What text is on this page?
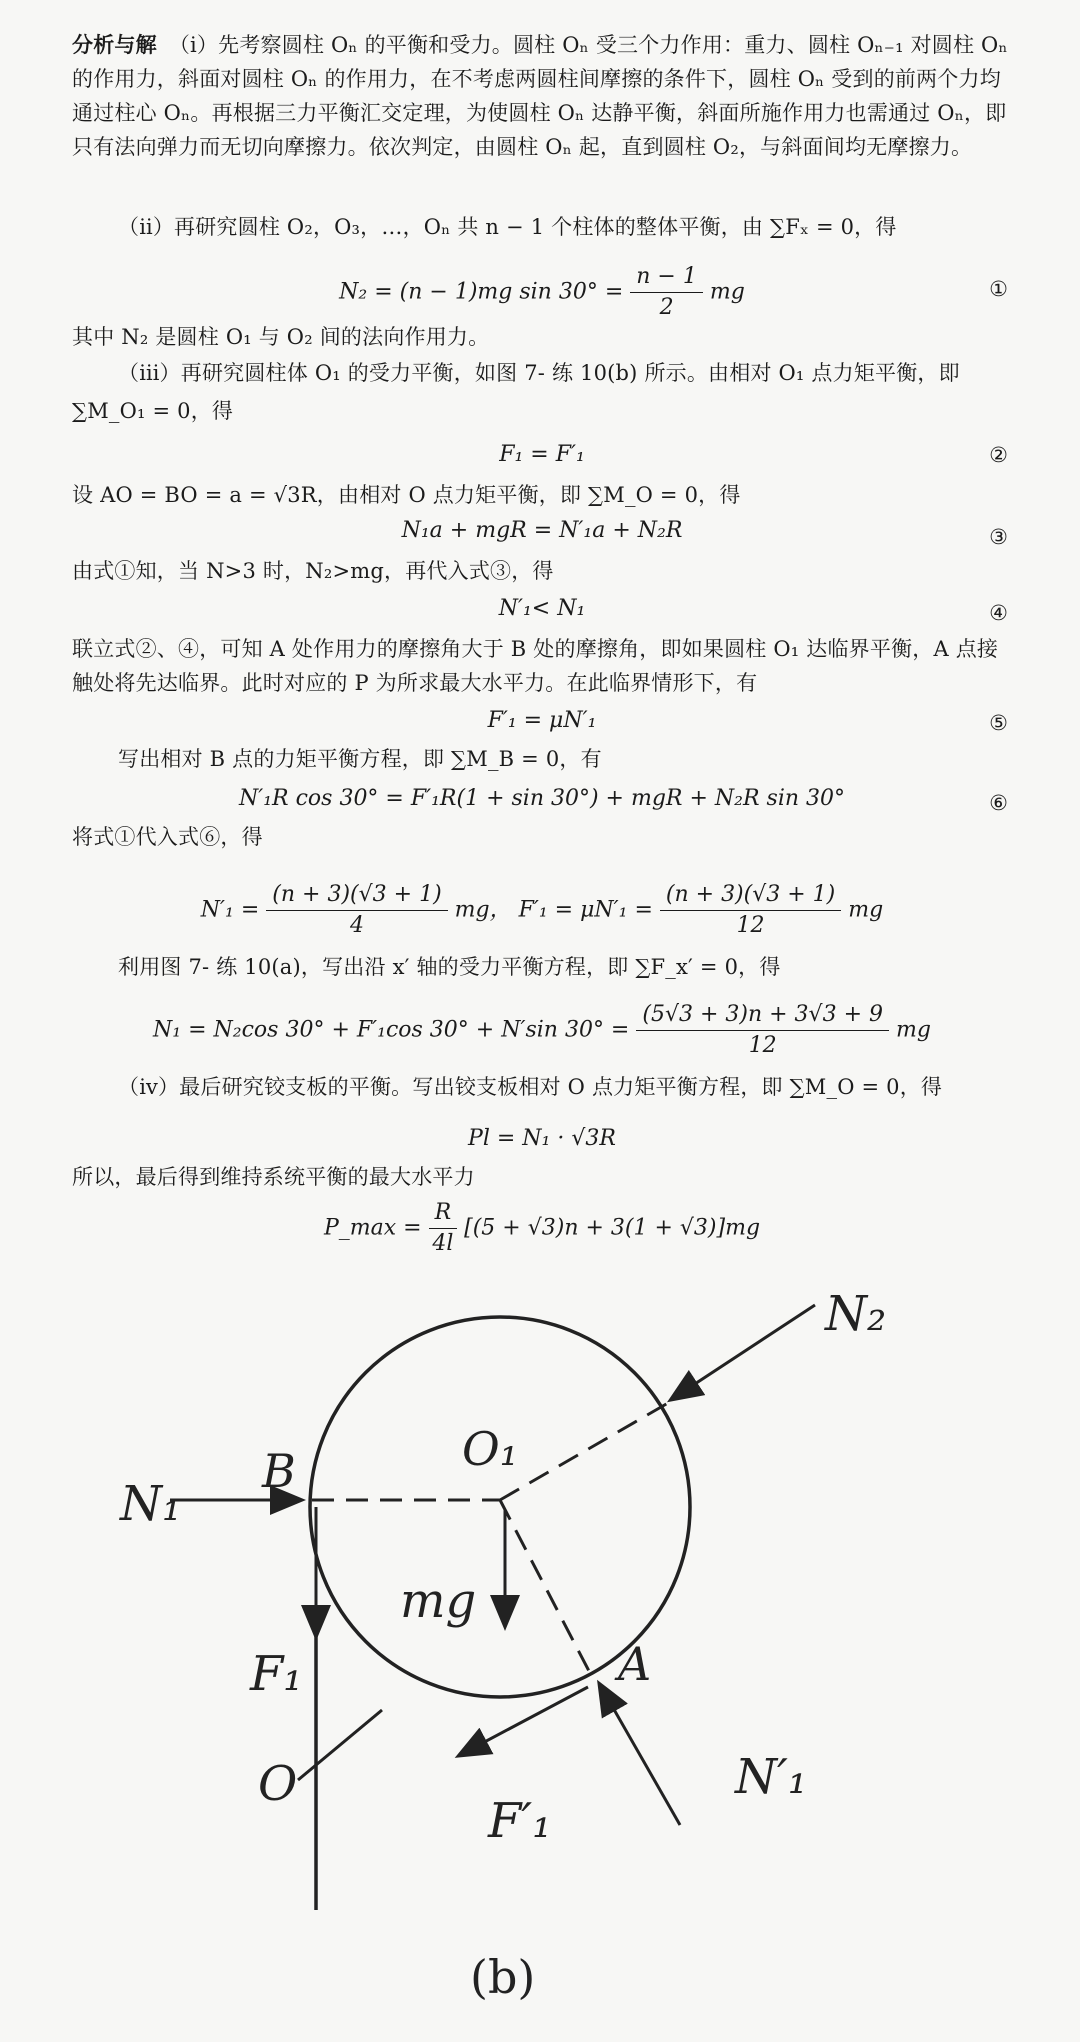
分析与解 （ⅰ）先考察圆柱 Oₙ 的平衡和受力。圆柱 Oₙ 受三个力作用：重力、圆柱 Oₙ₋₁ 对圆柱 Oₙ 的作用力，斜面对圆柱 Oₙ 的作用力，在不考虑两圆柱间摩擦的条件下，圆柱 Oₙ 受到的前两个力均通过柱心 Oₙ。再根据三力平衡汇交定理，为使圆柱 Oₙ 达静平衡，斜面所施作用力也需通过 Oₙ，即只有法向弹力而无切向摩擦力。依次判定，由圆柱 Oₙ 起，直到圆柱 O₂，与斜面间均无摩擦力。
（ⅱ）再研究圆柱 O₂，O₃，…，Oₙ 共 n − 1 个柱体的整体平衡，由 ∑Fₓ = 0，得
N₂ = (n − 1)mg $\sin 30^\circ = \frac{n - 1}{2}$ mg	①
其中 N₂ 是圆柱 O₁ 与 O₂ 间的法向作用力。
（ⅲ）再研究圆柱体 O₁ 的受力平衡，如图 7- 练 10(b) 所示。由相对 O₁ 点力矩平衡，即
∑M_O₁ = 0，得
F₁ = F′₁	②
设 AO = BO = a = √3R，由相对 O 点力矩平衡，即 ∑M_O = 0，得
N₁a + mgR = N′₁a + N₂R	③
由式①知，当 N>3 时，N₂>mg，再代入式③，得
N′₁< N₁	④
联立式②、④，可知 A 处作用力的摩擦角大于 B 处的摩擦角，即如果圆柱 O₁ 达临界平衡，A 点接触处将先达临界。此时对应的 P 为所求最大水平力。在此临界情形下，有
F′₁ = μN′₁	⑤
写出相对 B 点的力矩平衡方程，即 ∑M_B = 0，有
N′₁R cos 30° = F′₁R(1 + sin 30°) + mgR + N₂R sin 30°	⑥
将式①代入式⑥，得
$N'_1 = \frac{(n + 3)(√3 + 1)}{4}$ mg， $F'_1 = \mu N'_1 = \frac{(n + 3)(√3 + 1)}{12}$ mg
利用图 7- 练 10(a)，写出沿 x′ 轴的受力平衡方程，即 ∑F_x′ = 0，得
N₁ = N₂cos 30° + F′₁cos 30° + N′sin $30^\circ = \frac{(5√3 + 3)n + 3√3 + 9}{12}$ mg
（ⅳ）最后研究铰支板的平衡。写出铰支板相对 O 点力矩平衡方程，即 ∑M_O = 0，得
Pl = N₁ · √3R
所以，最后得到维持系统平衡的最大水平力
P_max = $\frac{R}{4l} [(5 + √3)n + 3(1 + √3)]mg$
N₁
B	O₁
N₂
mg
F₁	A
O
F′₁
N′₁
(b)
